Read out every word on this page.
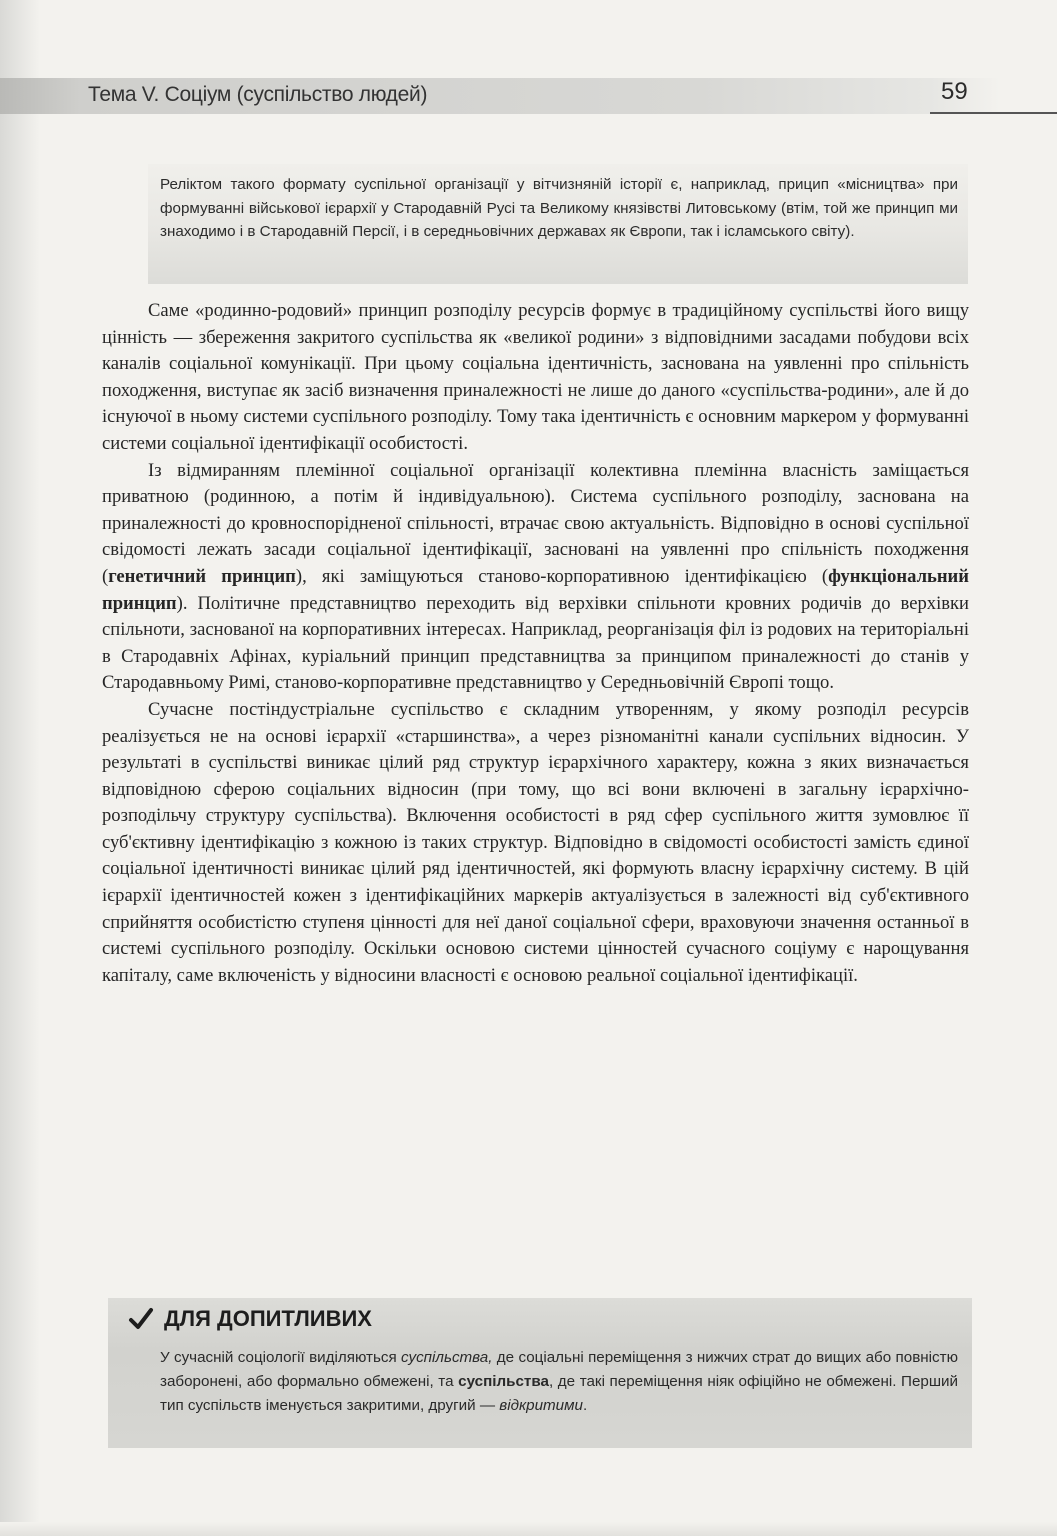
Тема V. Соціум (суспільство людей)	59
Реліктом такого формату суспільної організації у вітчизняній історії є, наприклад, прицип «місництва» при формуванні військової ієрархії у Стародавній Русі та Великому князівстві Литовському (втім, той же принцип ми знаходимо і в Стародавній Персії, і в середньовічних державах як Європи, так і ісламського світу).

Саме «родинно-родовий» принцип розподілу ресурсів формує в традиційному суспільстві його вищу цінність — збереження закритого суспільства як «великої родини» з відповідними засадами побудови всіх каналів соціальної комунікації. При цьому соціальна ідентичність, заснована на уявленні про спільність походження, виступає як засіб визначення приналежності не лише до даного «суспільства-родини», але й до існуючої в ньому системи суспільного розподілу. Тому така ідентичність є основним маркером у формуванні системи соціальної ідентифікації особистості.

Із відмиранням племінної соціальної організації колективна племінна власність заміщається приватною (родинною, а потім й індивідуальною). Система суспільного розподілу, заснована на приналежності до кровноспорідненої спільності, втрачає свою актуальність. Відповідно в основі суспільної свідомості лежать засади соціальної ідентифікації, засновані на уявленні про спільність походження (генетичний принцип), які заміщуються станово-корпоративною ідентифікацією (функціональний принцип). Політичне представництво переходить від верхівки спільноти кровних родичів до верхівки спільноти, заснованої на корпоративних інтересах. Наприклад, реорганізація філ із родових на територіальні в Стародавніх Афінах, куріальний принцип представництва за принципом приналежності до станів у Стародавньому Римі, станово-корпоративне представництво у Середньовічній Європі тощо.

Сучасне постіндустріальне суспільство є складним утворенням, у якому розподіл ресурсів реалізується не на основі ієрархії «старшинства», а через різноманітні канали суспільних відносин. У результаті в суспільстві виникає цілий ряд структур ієрархічного характеру, кожна з яких визначається відповідною сферою соціальних відносин (при тому, що всі вони включені в загальну ієрархічно-розподільчу структуру суспільства). Включення особистості в ряд сфер суспільного життя зумовлює її суб'єктивну ідентифікацію з кожною із таких структур. Відповідно в свідомості особистості замість єдиної соціальної ідентичності виникає цілий ряд ідентичностей, які формують власну ієрархічну систему. В цій ієрархії ідентичностей кожен з ідентифікаційних маркерів актуалізується в залежності від суб'єктивного сприйняття особистістю ступеня цінності для неї даної соціальної сфери, враховуючи значення останньої в системі суспільного розподілу. Оскільки основою системи цінностей сучасного соціуму є нарощування капіталу, саме включеність у відносини власності є основою реальної соціальної ідентифікації.

ДЛЯ ДОПИТЛИВИХ
У сучасній соціології виділяються суспільства, де соціальні переміщення з нижчих страт до вищих або повністю заборонені, або формально обмежені, та суспільства, де такі переміщення ніяк офіційно не обмежені. Перший тип суспільств іменується закритими, другий — відкритими.
